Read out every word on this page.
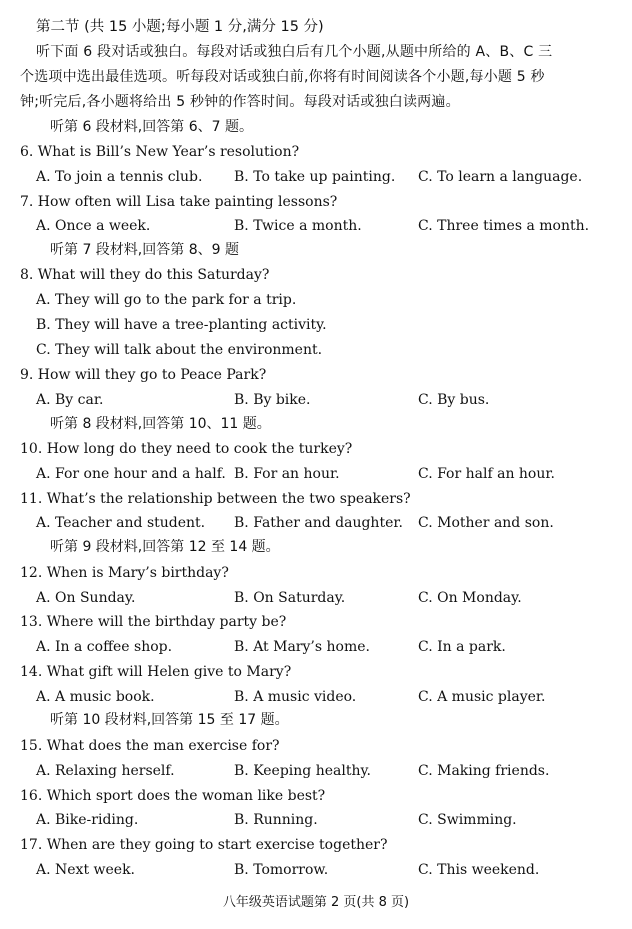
第二节 (共 15 小题;每小题 1 分,满分 15 分)
听下面 6 段对话或独白。每段对话或独白后有几个小题,从题中所给的 A、B、C 三
个选项中选出最佳选项。听每段对话或独白前,你将有时间阅读各个小题,每小题 5 秒
钟;听完后,各小题将给出 5 秒钟的作答时间。每段对话或独白读两遍。
听第 6 段材料,回答第 6、7 题。
6. What is Bill’s New Year’s resolution?
A. To join a tennis club. B. To take up painting. C. To learn a language.
7. How often will Lisa take painting lessons?
A. Once a week.	B. Twice a month.	C. Three times a month.
听第 7 段材料,回答第 8、9 题
8. What will they do this Saturday?
A. They will go to the park for a trip.
B. They will have a tree-planting activity.
C. They will talk about the environment.
9. How will they go to Peace Park?
A. By car.	B. By bike.	C. By bus.
听第 8 段材料,回答第 10、11 题。
10. How long do they need to cook the turkey?
A. For one hour and a half. B. For an hour.	C. For half an hour.
11. What’s the relationship between the two speakers?
A. Teacher and student. B. Father and daughter. C. Mother and son.
听第 9 段材料,回答第 12 至 14 题。
12. When is Mary’s birthday?
A. On Sunday.	B. On Saturday.	C. On Monday.
13. Where will the birthday party be?
A. In a coffee shop.	B. At Mary’s home.	C. In a park.
14. What gift will Helen give to Mary?
A. A music book.	B. A music video.	C. A music player.
听第 10 段材料,回答第 15 至 17 题。
15. What does the man exercise for?
A. Relaxing herself.	B. Keeping healthy.	C. Making friends.
16. Which sport does the woman like best?
A. Bike-riding.	B. Running.	C. Swimming.
17. When are they going to start exercise together?
A. Next week.	B. Tomorrow.	C. This weekend.
八年级英语试题第 2 页(共 8 页)
